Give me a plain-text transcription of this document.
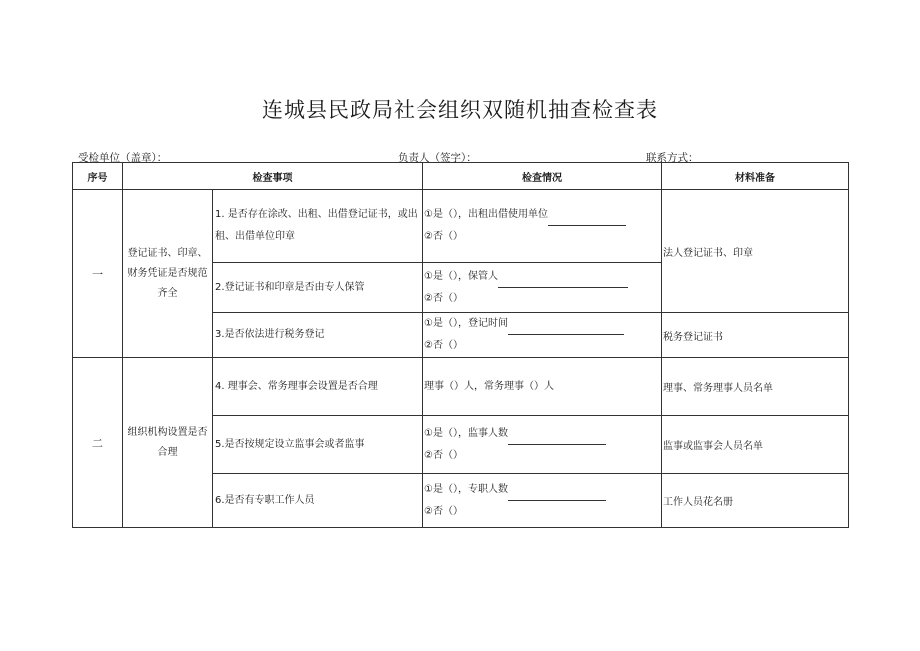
连城县民政局社会组织双随机抽查检查表
受检单位（盖章）：	负责人（签字）：	联系方式：
序号	检查事项		检查情况	材料准备
一	登记证书、印章、财务凭证是否规范齐全	1. 是否存在涂改、出租、出借登记证书，或出租、出借单位印章	①是（），出租出借使用单位
②否（）	法人登记证书、印章
		2.登记证书和印章是否由专人保管	①是（），保管人
②否（）	

		3.是否依法进行税务登记	①是（），登记时间
②否（）	税务登记证书
二	组织机构设置是否合理	4. 理事会、常务理事会设置是否合理	理事（）人，常务理事（）人	理事、常务理事人员名单
		5.是否按规定设立监事会或者监事	①是（），监事人数
②否（）	监事或监事会人员名单
		6.是否有专职工作人员	①是（），专职人数
②否（）	工作人员花名册
